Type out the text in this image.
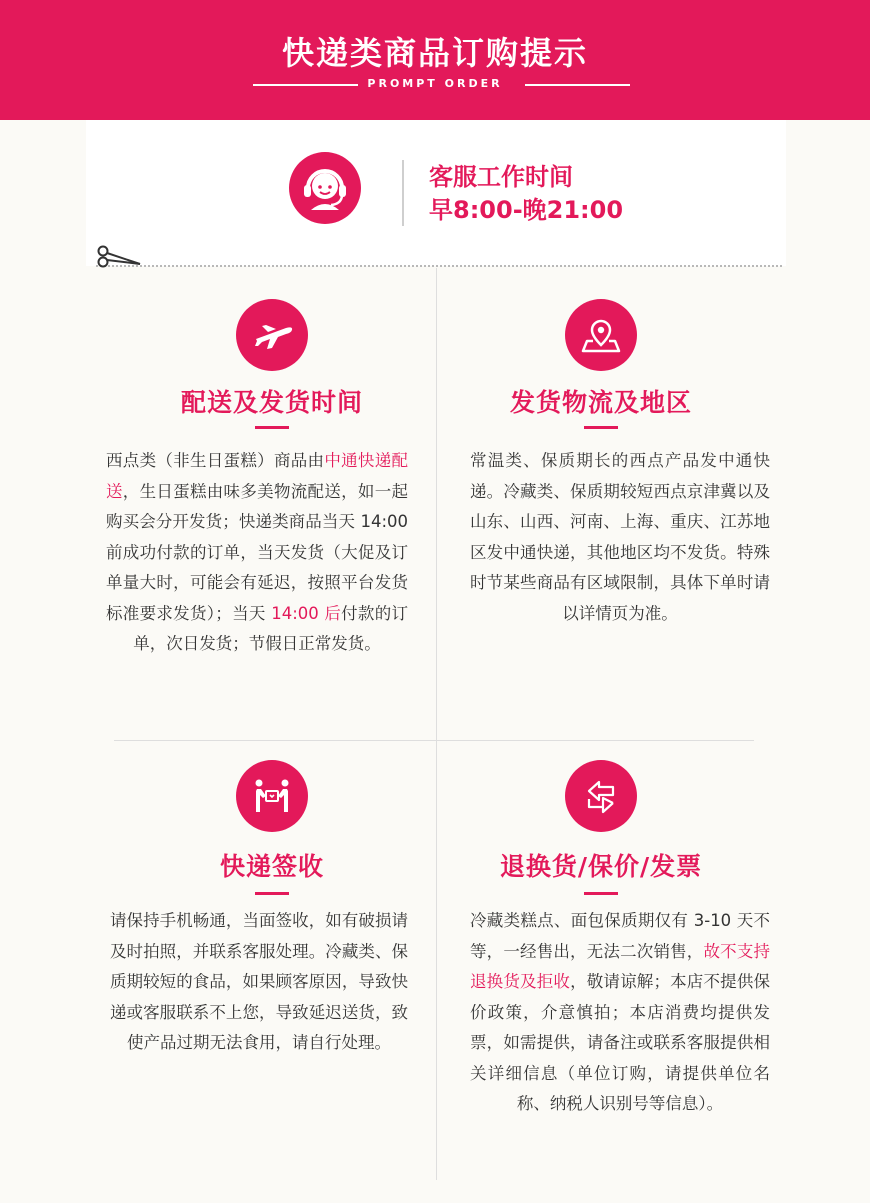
快递类商品订购提示
PROMPT ORDER
客服工作时间
早8:00-晚21:00
配送及发货时间
西点类（非生日蛋糕）商品由中通快递配送，生日蛋糕由味多美物流配送，如一起购买会分开发货；快递类商品当天 14:00 前成功付款的订单，当天发货（大促及订单量大时，可能会有延迟，按照平台发货标准要求发货）；当天 14:00 后付款的订单，次日发货；节假日正常发货。
发货物流及地区
常温类、保质期长的西点产品发中通快递。冷藏类、保质期较短西点京津冀以及山东、山西、河南、上海、重庆、江苏地区发中通快递，其他地区均不发货。特殊时节某些商品有区域限制，具体下单时请以详情页为准。
快递签收
请保持手机畅通，当面签收，如有破损请及时拍照，并联系客服处理。冷藏类、保质期较短的食品，如果顾客原因，导致快递或客服联系不上您，导致延迟送货，致使产品过期无法食用，请自行处理。
退换货/保价/发票
冷藏类糕点、面包保质期仅有 3-10 天不等，一经售出，无法二次销售，故不支持退换货及拒收，敬请谅解；本店不提供保价政策，介意慎拍；本店消费均提供发票，如需提供，请备注或联系客服提供相关详细信息（单位订购，请提供单位名称、纳税人识别号等信息）。
